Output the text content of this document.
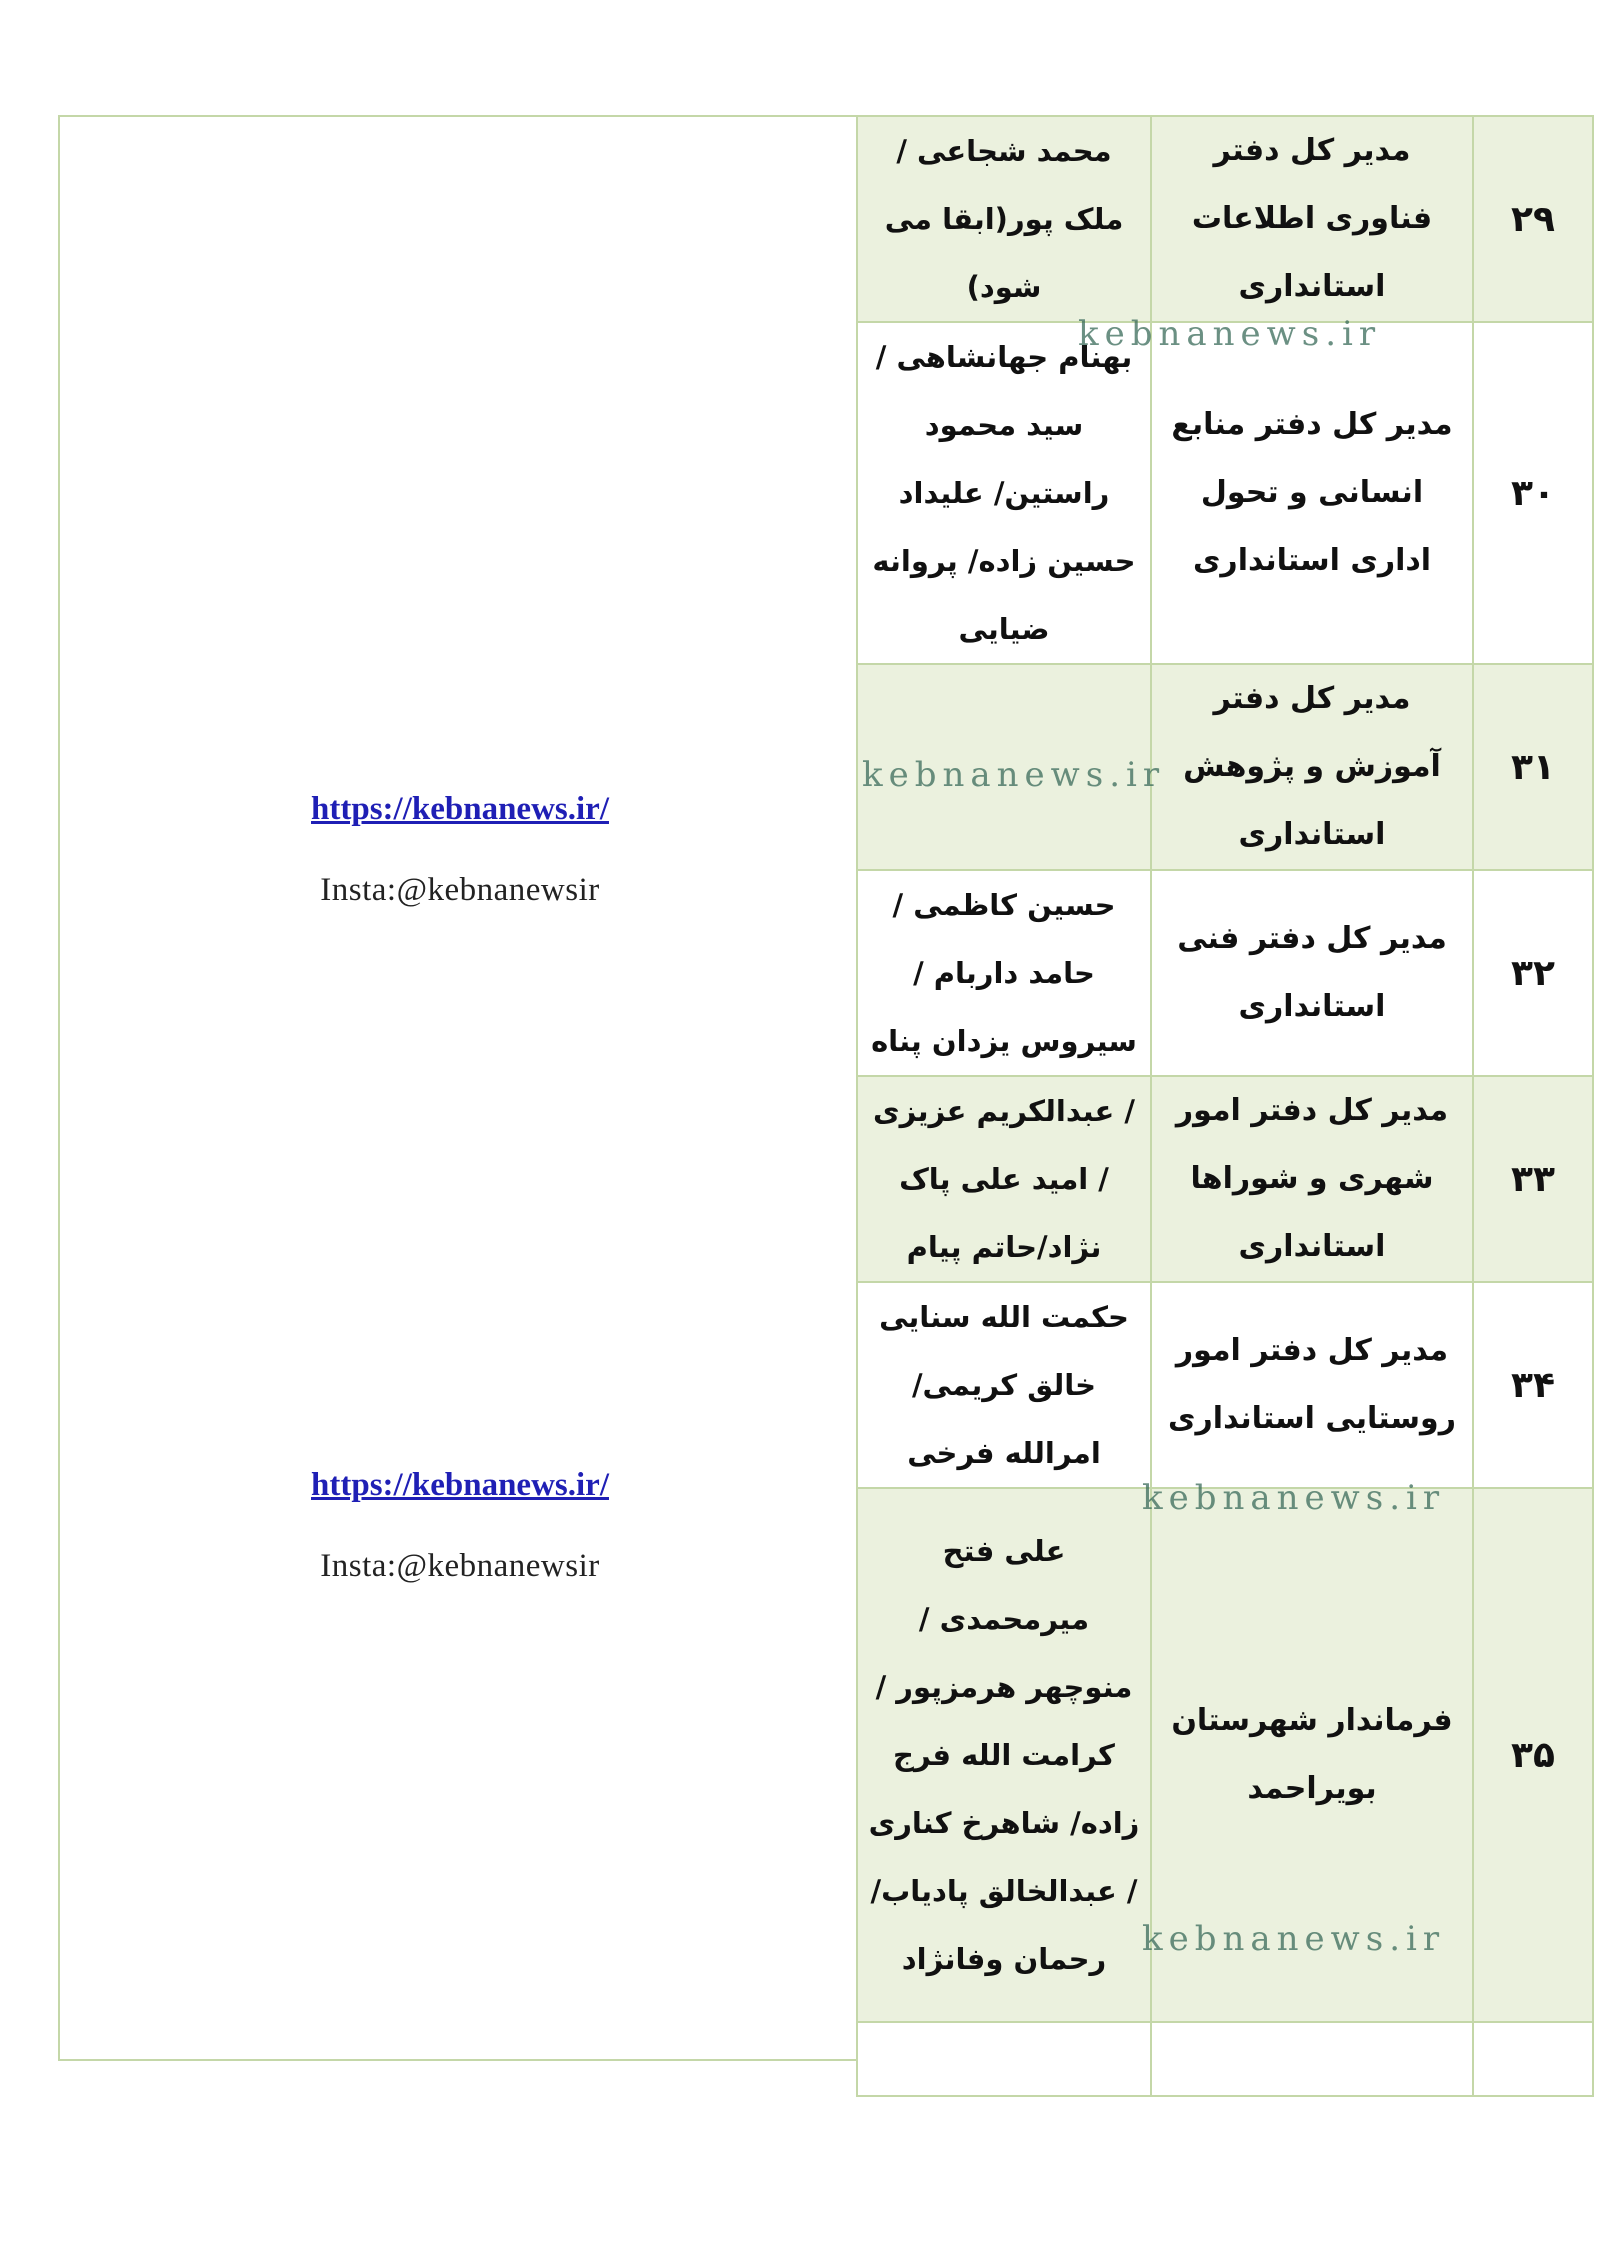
محمد شجاعی / ملک پور(ابقا می شود)	مدیر کل دفتر فناوری اطلاعات استانداری	۲۹
بهنام جهانشاهی / سید محمود راستین/ علیداد حسین زاده/ پروانه ضیایی	مدیر کل دفتر منابع انسانی و تحول اداری استانداری	۳۰
	مدیر کل دفتر آموزش و پژوهش استانداری	۳۱
حسین کاظمی /حامد داربام / سیروس یزدان پناه	مدیر کل دفتر فنی استانداری	۳۲
/ عبدالکریم عزیزی / امید علی پاک نژاد/حاتم پیام	مدیر کل دفتر امور شهری و شوراها استانداری	۳۳
حکمت الله سنایی خالق کریمی/ امرالله فرخی	مدیر کل دفتر امور روستایی استانداری	۳۴
علی فتح میرمحمدی / منوچهر هرمزپور / کرامت الله فرج زاده/ شاهرخ کناری / عبدالخالق پادیاب/ رحمان وفانژاد	فرماندار شهرستان بویراحمد	۳۵

https://kebnanews.ir/
Insta:@kebnanewsir
https://kebnanews.ir/
Insta:@kebnanewsir
kebnanews.ir
kebnanews.ir
kebnanews.ir
kebnanews.ir
